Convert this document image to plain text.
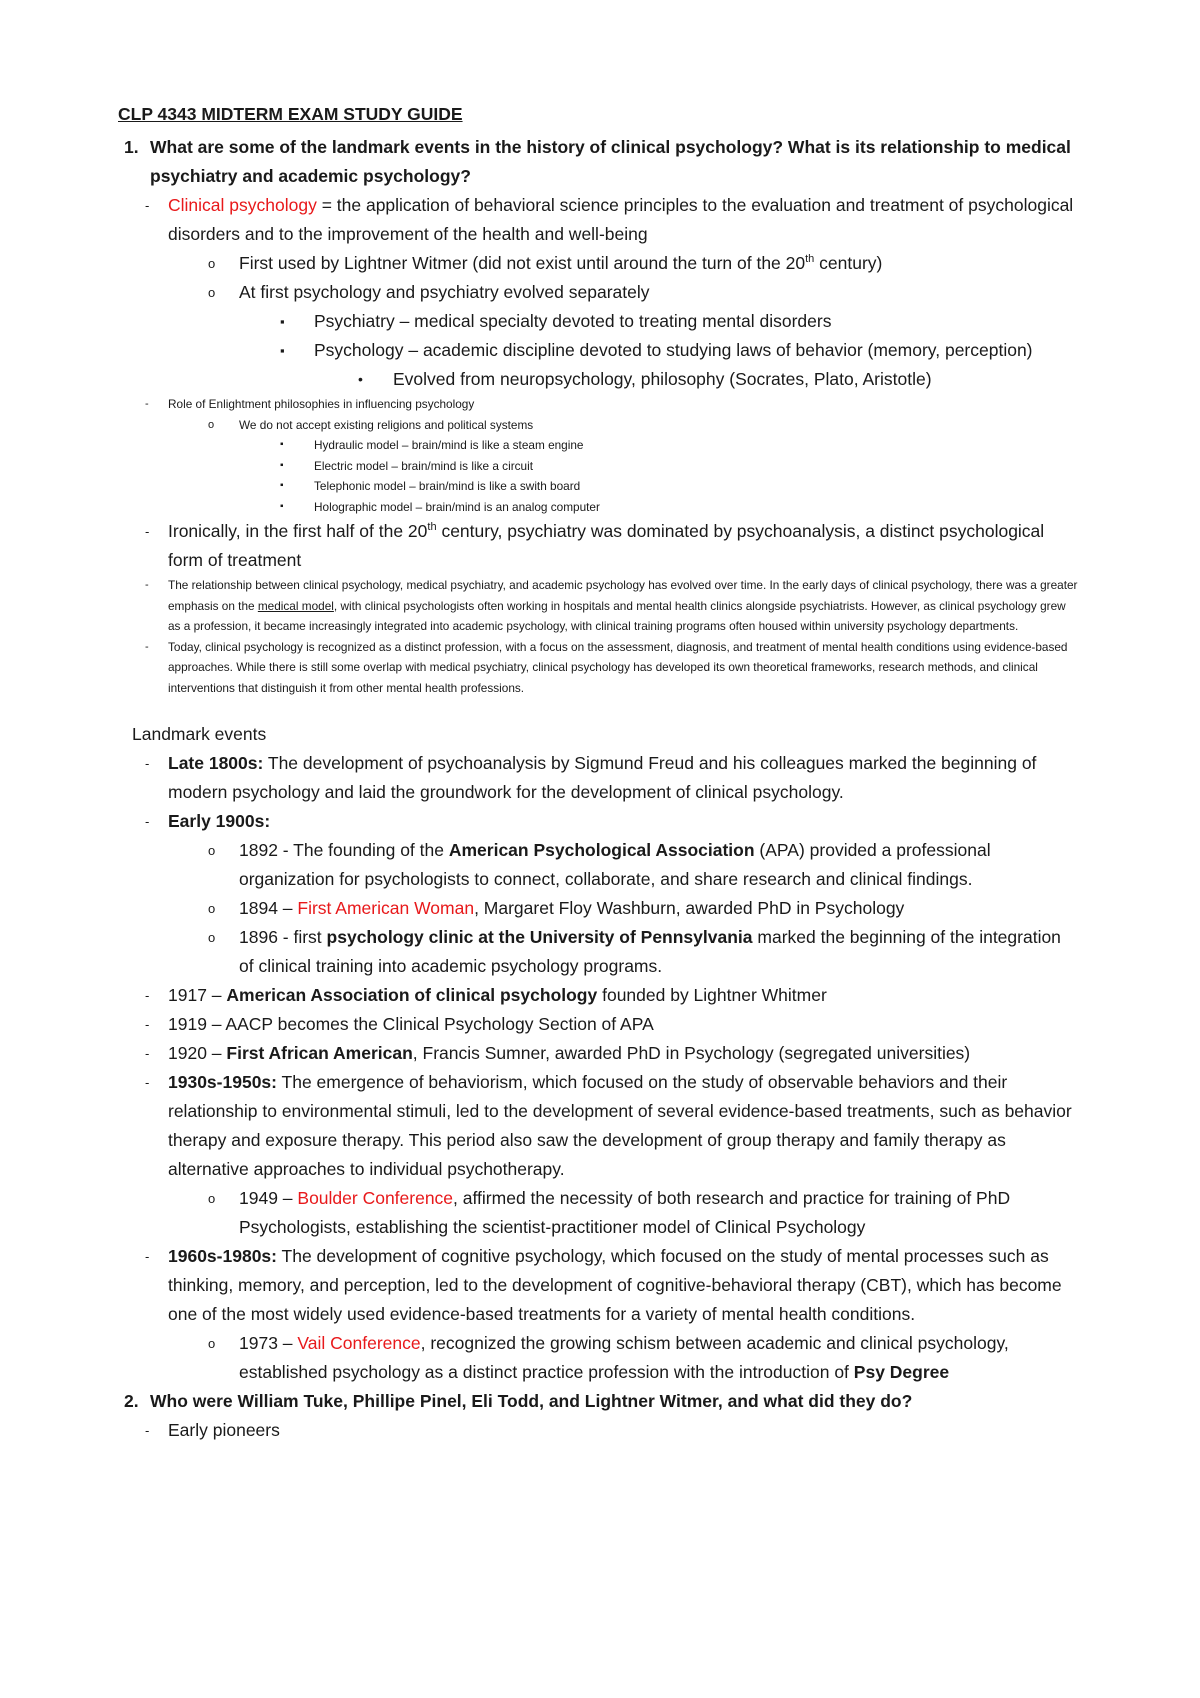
CLP 4343 MIDTERM EXAM STUDY GUIDE
1. What are some of the landmark events in the history of clinical psychology? What is its relationship to medical psychiatry and academic psychology?
- Clinical psychology = the application of behavioral science principles to the evaluation and treatment of psychological disorders and to the improvement of the health and well-being
o First used by Lightner Witmer (did not exist until around the turn of the 20th century)
o At first psychology and psychiatry evolved separately
▪ Psychiatry – medical specialty devoted to treating mental disorders
▪ Psychology – academic discipline devoted to studying laws of behavior (memory, perception)
• Evolved from neuropsychology, philosophy (Socrates, Plato, Aristotle)
- Role of Enlightment philosophies in influencing psychology
o We do not accept existing religions and political systems
▪	Hydraulic model – brain/mind is like a steam engine
▪	Electric model – brain/mind is like a circuit
▪	Telephonic model – brain/mind is like a swith board
▪	Holographic model – brain/mind is an analog computer
- Ironically, in the first half of the 20th century, psychiatry was dominated by psychoanalysis, a distinct psychological form of treatment
- The relationship between clinical psychology, medical psychiatry, and academic psychology has evolved over time. In the early days of clinical psychology, there was a greater emphasis on the medical model, with clinical psychologists often working in hospitals and mental health clinics alongside psychiatrists. However, as clinical psychology grew as a profession, it became increasingly integrated into academic psychology, with clinical training programs often housed within university psychology departments.
- Today, clinical psychology is recognized as a distinct profession, with a focus on the assessment, diagnosis, and treatment of mental health conditions using evidence-based approaches. While there is still some overlap with medical psychiatry, clinical psychology has developed its own theoretical frameworks, research methods, and clinical interventions that distinguish it from other mental health professions.
Landmark events
- Late 1800s: The development of psychoanalysis by Sigmund Freud and his colleagues marked the beginning of modern psychology and laid the groundwork for the development of clinical psychology.
- Early 1900s:
o 1892 - The founding of the American Psychological Association (APA) provided a professional organization for psychologists to connect, collaborate, and share research and clinical findings.
o 1894 – First American Woman, Margaret Floy Washburn, awarded PhD in Psychology
o 1896 - first psychology clinic at the University of Pennsylvania marked the beginning of the integration of clinical training into academic psychology programs.
- 1917 – American Association of clinical psychology founded by Lightner Whitmer
- 1919 – AACP becomes the Clinical Psychology Section of APA
- 1920 – First African American, Francis Sumner, awarded PhD in Psychology (segregated universities)
- 1930s-1950s: The emergence of behaviorism, which focused on the study of observable behaviors and their relationship to environmental stimuli, led to the development of several evidence-based treatments, such as behavior therapy and exposure therapy. This period also saw the development of group therapy and family therapy as alternative approaches to individual psychotherapy.
o 1949 – Boulder Conference, affirmed the necessity of both research and practice for training of PhD Psychologists, establishing the scientist-practitioner model of Clinical Psychology
- 1960s-1980s: The development of cognitive psychology, which focused on the study of mental processes such as thinking, memory, and perception, led to the development of cognitive-behavioral therapy (CBT), which has become one of the most widely used evidence-based treatments for a variety of mental health conditions.
o 1973 – Vail Conference, recognized the growing schism between academic and clinical psychology, established psychology as a distinct practice profession with the introduction of Psy Degree
2. Who were William Tuke, Phillipe Pinel, Eli Todd, and Lightner Witmer, and what did they do?
- Early pioneers
